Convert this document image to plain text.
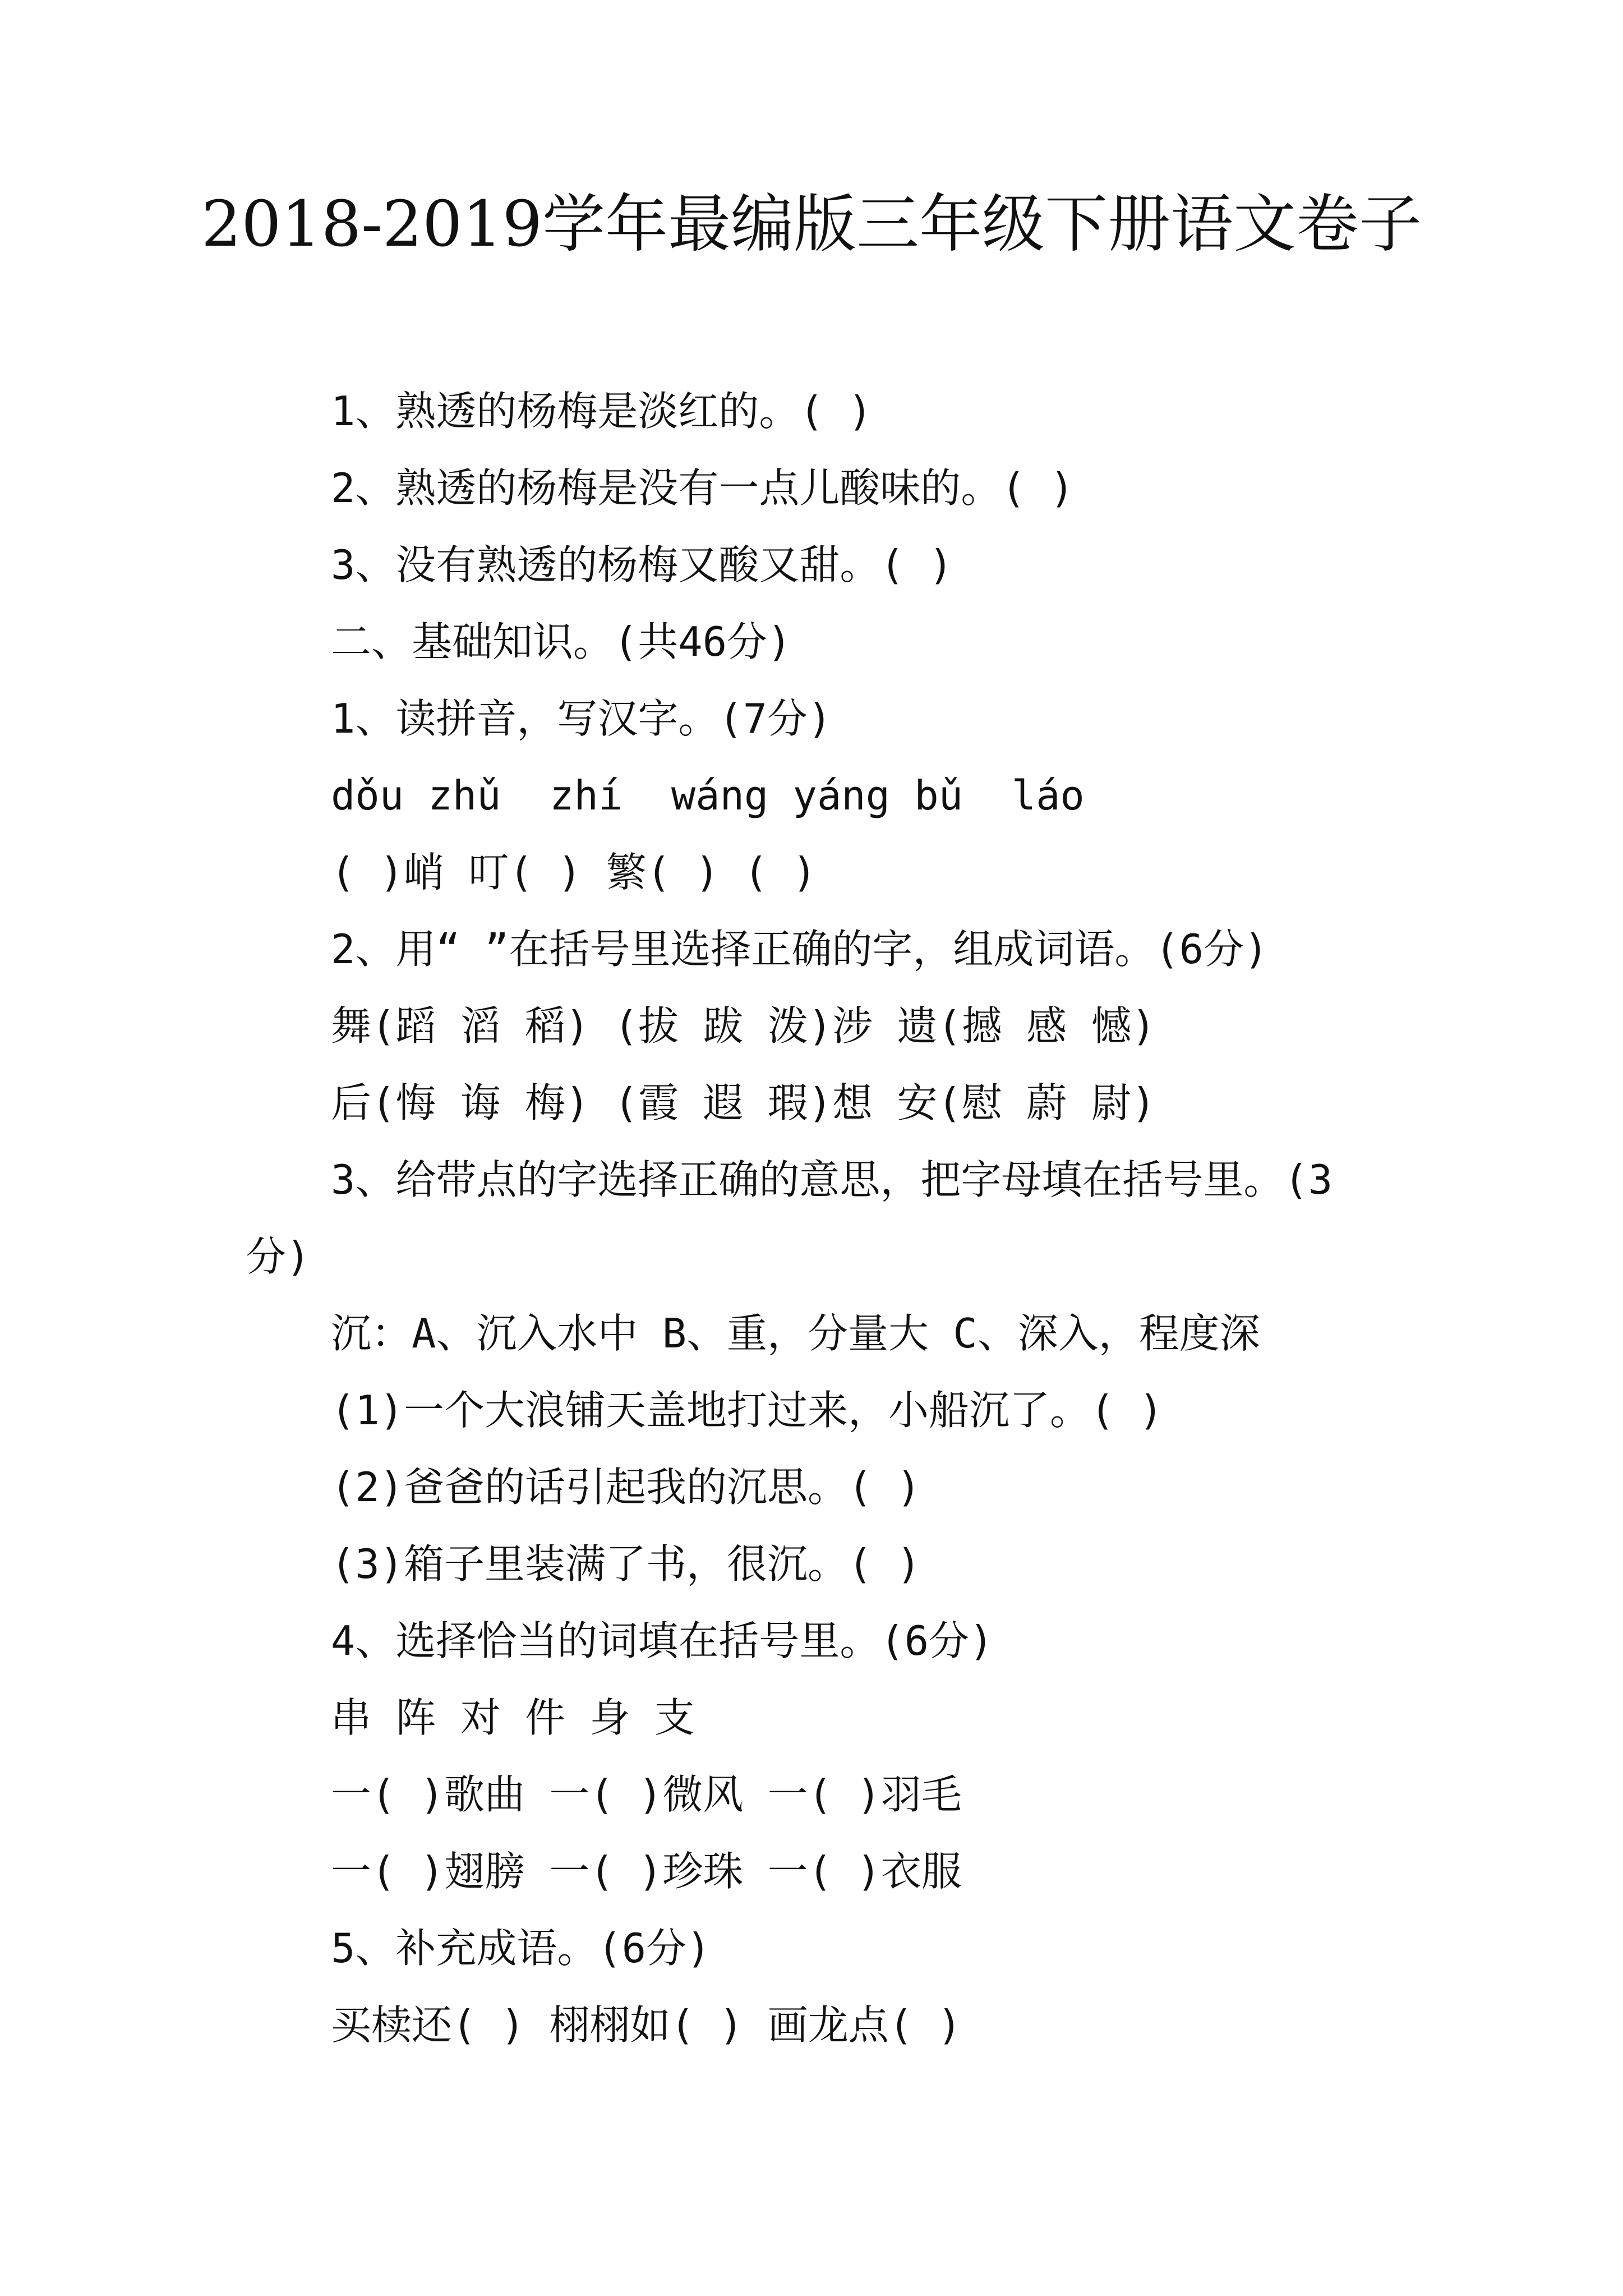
2018-2019学年最编版三年级下册语文卷子
1、熟透的杨梅是淡红的。( )
2、熟透的杨梅是没有一点儿酸味的。( )
3、没有熟透的杨梅又酸又甜。( )
二、基础知识。(共46分)
1、读拼音，写汉字。(7分)
dǒu zhǔ  zhí  wáng yáng bǔ  láo
( )峭 叮( ) 繁( ) ( )
2、用“ ”在括号里选择正确的字，组成词语。(6分)
舞(蹈 滔 稻) (拔 跋 泼)涉 遗(撼 感 憾)
后(悔 诲 梅) (霞 遐 瑕)想 安(慰 蔚 尉)
3、给带点的字选择正确的意思，把字母填在括号里。(3
分)
沉：A、沉入水中 B、重，分量大 C、深入，程度深
(1)一个大浪铺天盖地打过来，小船沉了。( )
(2)爸爸的话引起我的沉思。( )
(3)箱子里装满了书，很沉。( )
4、选择恰当的词填在括号里。(6分)
串 阵 对 件 身 支
一( )歌曲 一( )微风 一( )羽毛
一( )翅膀 一( )珍珠 一( )衣服
5、补充成语。(6分)
买椟还( ) 栩栩如( ) 画龙点( )
